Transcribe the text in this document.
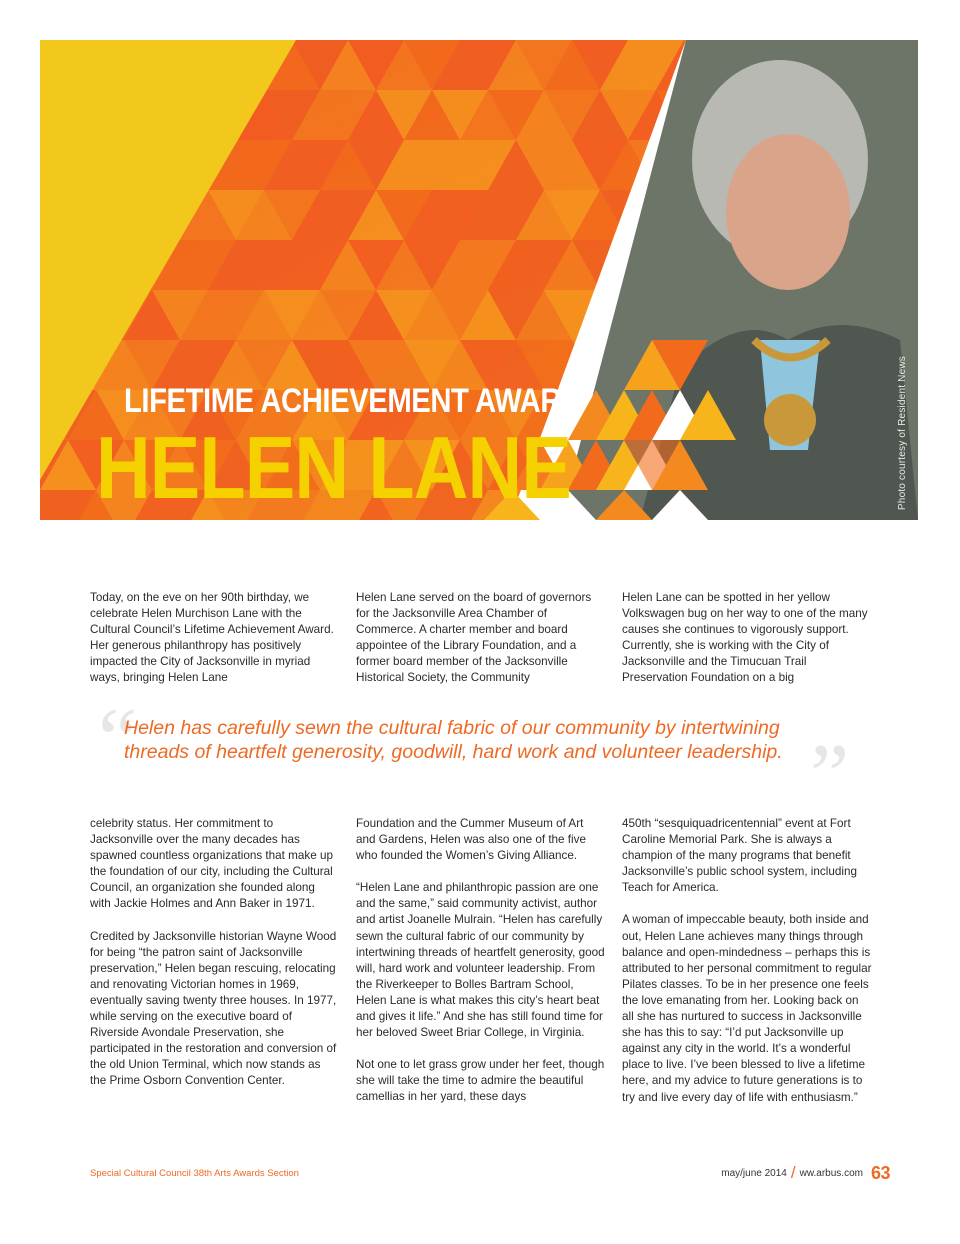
LIFETIME ACHIEVEMENT AWARD
HELEN LANE	Photo courtesy of Resident News

Today, on the eve on her 90th birthday, we celebrate Helen Murchison Lane with the Cultural Council’s Lifetime Achievement Award. Her generous philanthropy has positively impacted the City of Jacksonville in myriad ways, bringing Helen Lane

Helen Lane served on the board of governors for the Jacksonville Area Chamber of Commerce. A charter member and board appointee of the Library Foundation, and a former board member of the Jacksonville Historical Society, the Community

Helen Lane can be spotted in her yellow Volkswagen bug on her way to one of the many causes she continues to vigorously support. Currently, she is working with the City of Jacksonville and the Timucuan Trail Preservation Foundation on a big

“
Helen has carefully sewn the cultural fabric of our community by intertwining threads of heartfelt generosity, goodwill, hard work and volunteer leadership. ”

celebrity status. Her commitment to Jacksonville over the many decades has spawned countless organizations that make up the foundation of our city, including the Cultural Council, an organization she founded along with Jackie Holmes and Ann Baker in 1971.

Credited by Jacksonville historian Wayne Wood for being “the patron saint of Jacksonville preservation,” Helen began rescuing, relocating and renovating Victorian homes in 1969, eventually saving twenty three houses. In 1977, while serving on the executive board of Riverside Avondale Preservation, she participated in the restoration and conversion of the old Union Terminal, which now stands as the Prime Osborn Convention Center.

Foundation and the Cummer Museum of Art and Gardens, Helen was also one of the five who founded the Women’s Giving Alliance.

“Helen Lane and philanthropic passion are one and the same,” said community activist, author and artist Joanelle Mulrain. “Helen has carefully sewn the cultural fabric of our community by intertwining threads of heartfelt generosity, good will, hard work and volunteer leadership. From the Riverkeeper to Bolles Bartram School, Helen Lane is what makes this city’s heart beat and gives it life.” And she has still found time for her beloved Sweet Briar College, in Virginia.

Not one to let grass grow under her feet, though she will take the time to admire the beautiful camellias in her yard, these days

450th “sesquiquadricentennial” event at Fort Caroline Memorial Park. She is always a champion of the many programs that benefit Jacksonville’s public school system, including Teach for America.

A woman of impeccable beauty, both inside and out, Helen Lane achieves many things through balance and open-mindedness – perhaps this is attributed to her personal commitment to regular Pilates classes. To be in her presence one feels the love emanating from her. Looking back on all she has nurtured to success in Jacksonville she has this to say: “I’d put Jacksonville up against any city in the world. It’s a wonderful place to live. I’ve been blessed to live a lifetime here, and my advice to future generations is to try and live every day of life with enthusiasm.”

Special Cultural Council 38th Arts Awards Section	may/june 2014 / ww.arbus.com 63
